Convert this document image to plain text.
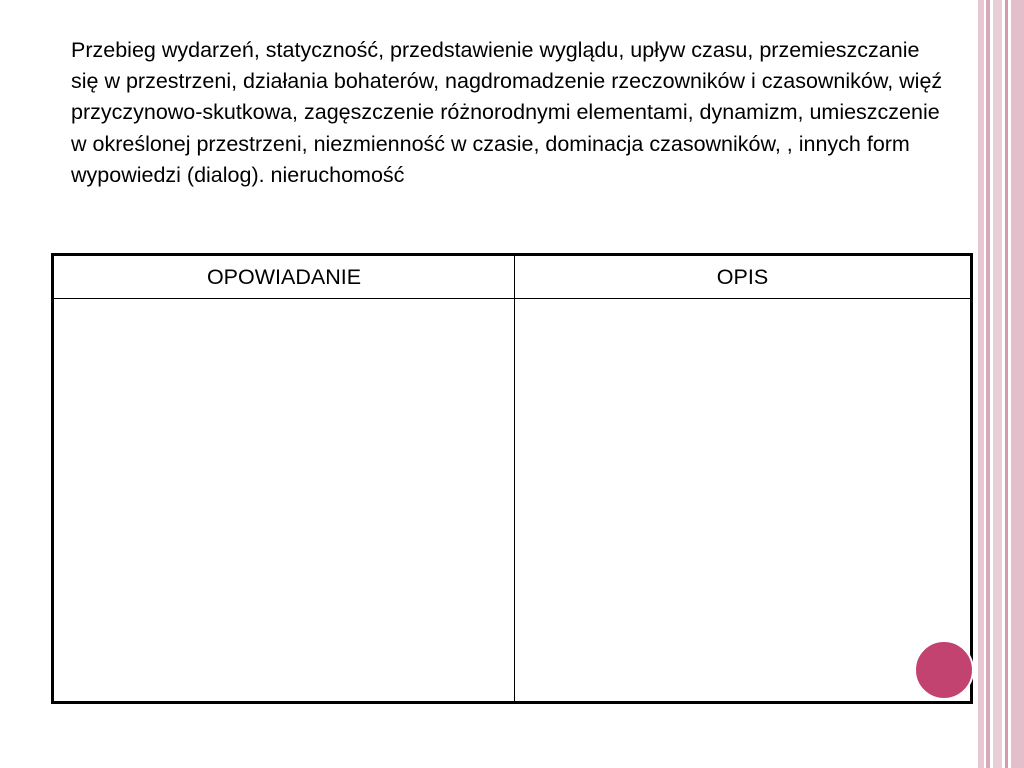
Przebieg wydarzeń, statyczność, przedstawienie wyglądu, upływ czasu, przemieszczanie się w przestrzeni, działania bohaterów, nagdromadzenie rzeczowników i czasowników, więź przyczynowo-skutkowa, zagęszczenie różnorodnymi elementami, dynamizm, umieszczenie w określonej przestrzeni, niezmienność w czasie, dominacja czasowników, , innych form wypowiedzi (dialog). nieruchomość
OPOWIADANIE	OPIS
